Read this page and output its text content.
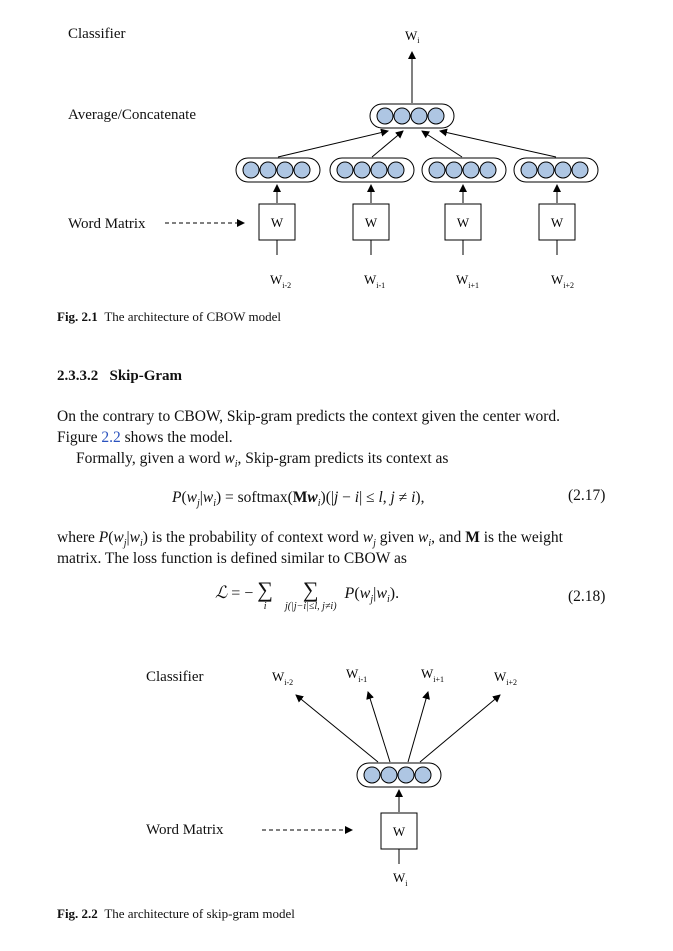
Classifier
Average/Concatenate
Word Matrix
$W_i$
W	W	W	W
$W_{i-2}$	$W_{i-1}$	$W_{i+1}$	$W_{i+2}$
Fig. 2.1 The architecture of CBOW model
2.3.3.2 Skip-Gram
On the contrary to CBOW, Skip-gram predicts the context given the center word.
Figure 2.2 shows the model.
Formally, given a word $w_i$, Skip-gram predicts its context as
$P(w_j|w_i)$ = $softmax(Mw_i)(|j - i| \le l$, j ≠ i),	(2.17)
where $P(w_j|w_i)$ is the probability of context word $w_j$ given $w_i$, and M is the weight
matrix. The loss function is defined similar to CBOW as
ℒ = − ∑
i

∑
j(|j−i|≤l, j≠i)
$P(w_j|w_i)$.	(2.18)
Classifier
Word Matrix
$W_{i-2}$
$W_{i-1}$	$W_{i+1}$	$W_{i+2}$
W
$W_i$
Fig. 2.2 The architecture of skip-gram model
